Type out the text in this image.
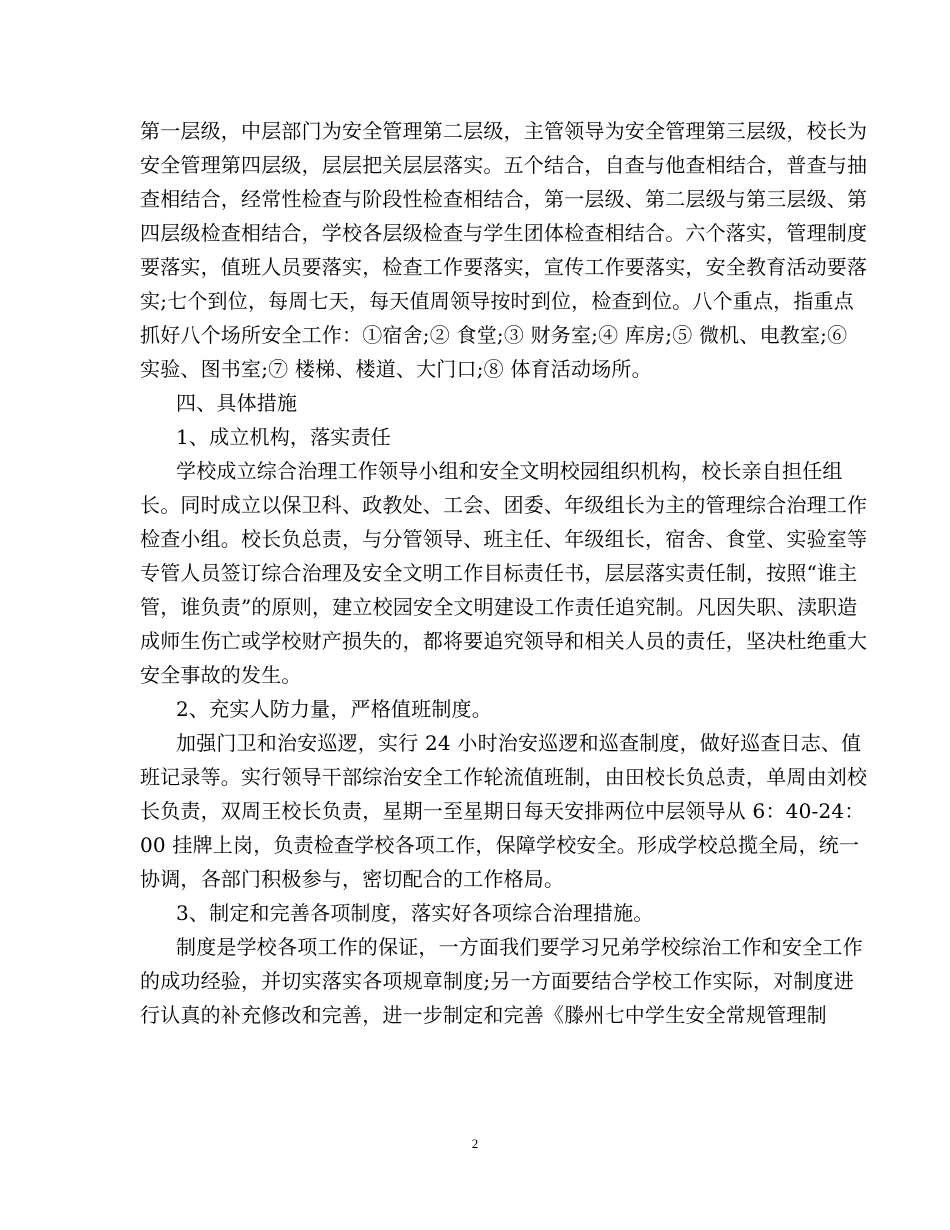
第一层级，中层部门为安全管理第二层级，主管领导为安全管理第三层级，校长为
安全管理第四层级，层层把关层层落实。五个结合，自查与他查相结合，普查与抽
查相结合，经常性检查与阶段性检查相结合，第一层级、第二层级与第三层级、第
四层级检查相结合，学校各层级检查与学生团体检查相结合。六个落实，管理制度
要落实，值班人员要落实，检查工作要落实，宣传工作要落实，安全教育活动要落
实;七个到位，每周七天，每天值周领导按时到位，检查到位。八个重点，指重点
抓好八个场所安全工作：①宿舍;② 食堂;③ 财务室;④ 库房;⑤ 微机、电教室;⑥
实验、图书室;⑦ 楼梯、楼道、大门口;⑧ 体育活动场所。
四、具体措施
1、成立机构，落实责任
学校成立综合治理工作领导小组和安全文明校园组织机构，校长亲自担任组
长。同时成立以保卫科、政教处、工会、团委、年级组长为主的管理综合治理工作
检查小组。校长负总责，与分管领导、班主任、年级组长，宿舍、食堂、实验室等
专管人员签订综合治理及安全文明工作目标责任书，层层落实责任制，按照“谁主
管，谁负责”的原则，建立校园安全文明建设工作责任追究制。凡因失职、渎职造
成师生伤亡或学校财产损失的，都将要追究领导和相关人员的责任，坚决杜绝重大
安全事故的发生。
2、充实人防力量，严格值班制度。
加强门卫和治安巡逻，实行 24 小时治安巡逻和巡查制度，做好巡查日志、值
班记录等。实行领导干部综治安全工作轮流值班制，由田校长负总责，单周由刘校
长负责，双周王校长负责，星期一至星期日每天安排两位中层领导从 6：40-24：
00 挂牌上岗，负责检查学校各项工作，保障学校安全。形成学校总揽全局，统一
协调，各部门积极参与，密切配合的工作格局。
3、制定和完善各项制度，落实好各项综合治理措施。
制度是学校各项工作的保证，一方面我们要学习兄弟学校综治工作和安全工作
的成功经验，并切实落实各项规章制度;另一方面要结合学校工作实际，对制度进
行认真的补充修改和完善，进一步制定和完善《滕州七中学生安全常规管理制
2
